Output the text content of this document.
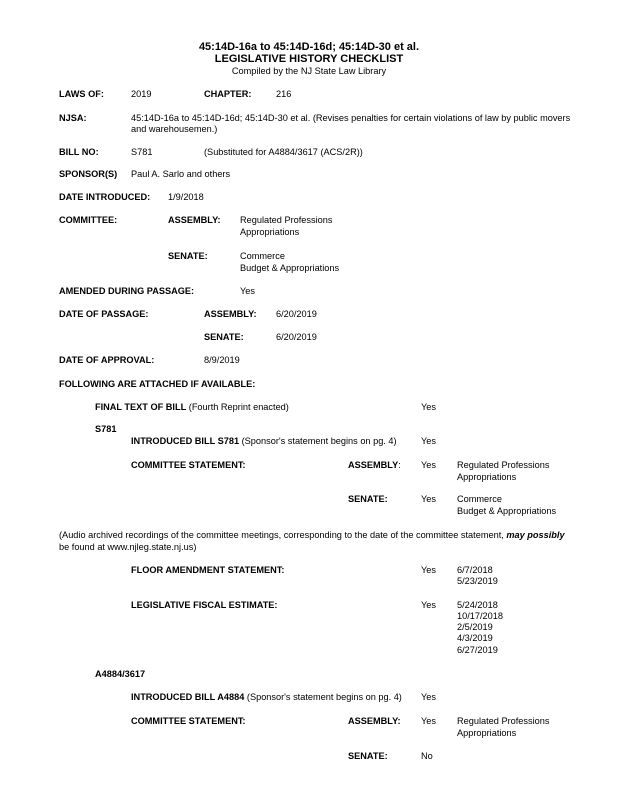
45:14D-16a to 45:14D-16d; 45:14D-30 et al.
LEGISLATIVE HISTORY CHECKLIST
Compiled by the NJ State Law Library
LAWS OF:	2019	CHAPTER:	216
NJSA:	45:14D-16a to 45:14D-16d; 45:14D-30 et al. (Revises penalties for certain violations of law by public movers
and warehousemen.)
BILL NO:	S781	(Substituted for A4884/3617 (ACS/2R))
SPONSOR(S) Paul A. Sarlo and others
DATE INTRODUCED: 1/9/2018
COMMITTEE:	ASSEMBLY: Regulated Professions
Appropriations
SENATE:	Commerce
Budget & Appropriations
AMENDED DURING PASSAGE:	Yes
DATE OF PASSAGE:	ASSEMBLY: 6/20/2019
SENATE:	6/20/2019
DATE OF APPROVAL:	8/9/2019
FOLLOWING ARE ATTACHED IF AVAILABLE:
FINAL TEXT OF BILL (Fourth Reprint enacted)	Yes
S781
INTRODUCED BILL S781 (Sponsor's statement begins on pg. 4)	Yes
COMMITTEE STATEMENT:	ASSEMBLY: Yes Regulated Professions
Appropriations
SENATE:	Yes Commerce
Budget & Appropriations
(Audio archived recordings of the committee meetings, corresponding to the date of the committee statement, may possibly
be found at www.njleg.state.nj.us)
FLOOR AMENDMENT STATEMENT:	Yes 6/7/2018
5/23/2019
LEGISLATIVE FISCAL ESTIMATE:	Yes 5/24/2018
10/17/2018
2/5/2019
4/3/2019
6/27/2019
A4884/3617
INTRODUCED BILL A4884 (Sponsor's statement begins on pg. 4) Yes
COMMITTEE STATEMENT:	ASSEMBLY: Yes Regulated Professions
Appropriations
SENATE:	No
